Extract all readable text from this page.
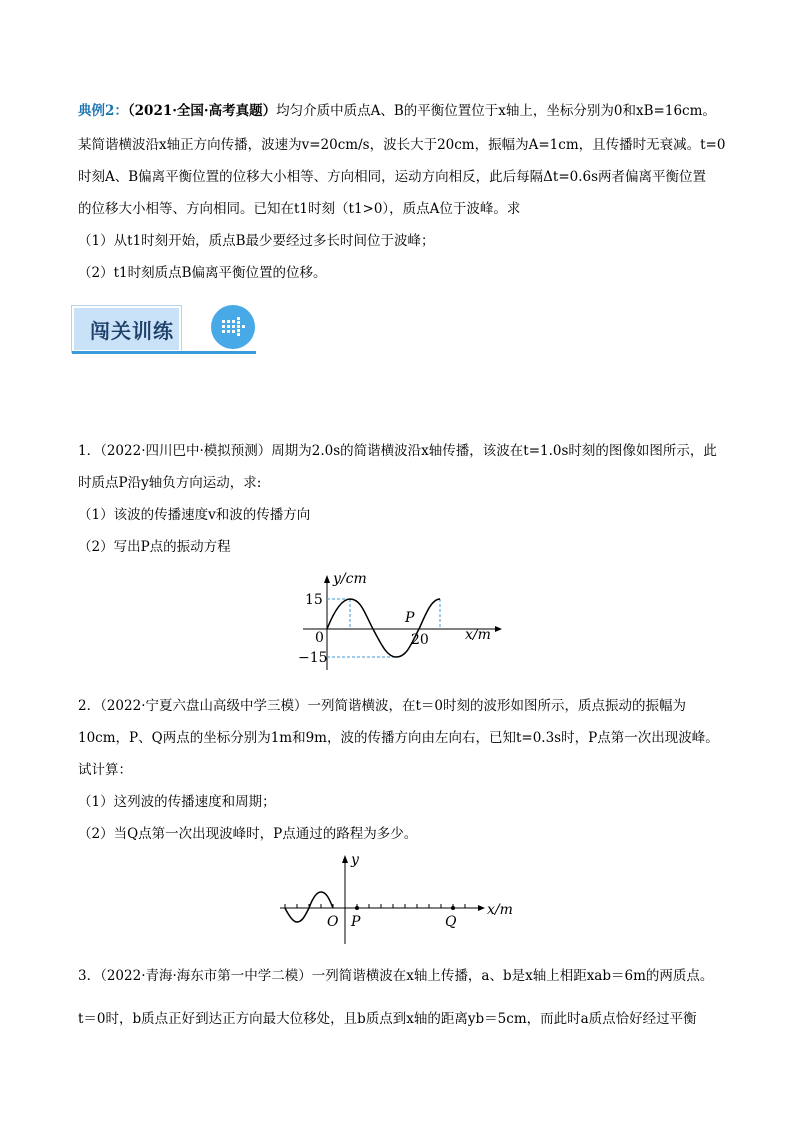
典例2：（2021·全国·高考真题）均匀介质中质点A、B的平衡位置位于x轴上，坐标分别为0和xB=16cm。
某简谐横波沿x轴正方向传播，波速为v=20cm/s，波长大于20cm，振幅为A=1cm，且传播时无衰减。t=0
时刻A、B偏离平衡位置的位移大小相等、方向相同，运动方向相反，此后每隔Δt=0.6s两者偏离平衡位置
的位移大小相等、方向相同。已知在t1时刻（t1>0），质点A位于波峰。求
（1）从t1时刻开始，质点B最少要经过多长时间位于波峰；
（2）t1时刻质点B偏离平衡位置的位移。
闯关训练
1．（2022·四川巴中·模拟预测）周期为2.0s的简谐横波沿x轴传播，该波在t=1.0s时刻的图像如图所示，此
时质点P沿y轴负方向运动，求:
（1）该波的传播速度v和波的传播方向
（2）写出P点的振动方程
y/cm
15
−15
0	20
P
x/m
2．（2022·宁夏六盘山高级中学三模）一列简谐横波，在t＝0时刻的波形如图所示，质点振动的振幅为
10cm，P、Q两点的坐标分别为1m和9m，波的传播方向由左向右，已知t=0.3s时，P点第一次出现波峰。
试计算：
（1）这列波的传播速度和周期；
（2）当Q点第一次出现波峰时，P点通过的路程为多少。
y
O P	Q
x/m
3．（2022·青海·海东市第一中学二模）一列简谐横波在x轴上传播，a、b是x轴上相距xab＝6m的两质点。
t＝0时，b质点正好到达正方向最大位移处，且b质点到x轴的距离yb＝5cm，而此时a质点恰好经过平衡
